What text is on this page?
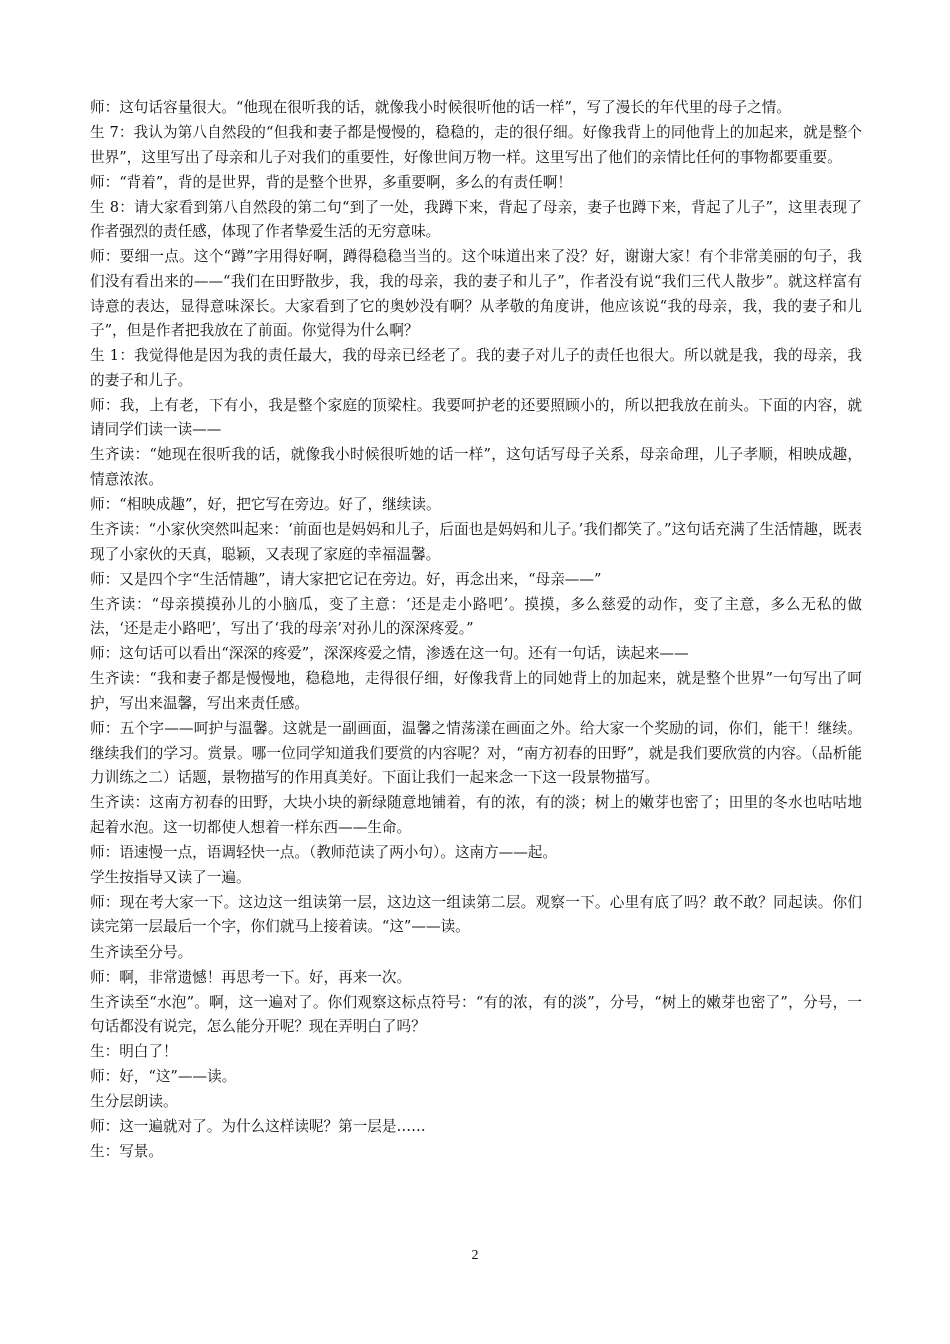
师：这句话容量很大。“他现在很听我的话，就像我小时候很听他的话一样”，写了漫长的年代里的母子之情。

生 7：我认为第八自然段的“但我和妻子都是慢慢的，稳稳的，走的很仔细。好像我背上的同他背上的加起来，就是整个世界”，这里写出了母亲和儿子对我们的重要性，好像世间万物一样。这里写出了他们的亲情比任何的事物都要重要。

师：“背着”，背的是世界，背的是整个世界，多重要啊，多么的有责任啊！

生 8：请大家看到第八自然段的第二句“到了一处，我蹲下来，背起了母亲，妻子也蹲下来，背起了儿子”，这里表现了作者强烈的责任感，体现了作者挚爱生活的无穷意味。

师：要细一点。这个“蹲”字用得好啊，蹲得稳稳当当的。这个味道出来了没？好，谢谢大家！有个非常美丽的句子，我们没有看出来的——“我们在田野散步，我，我的母亲，我的妻子和儿子”，作者没有说“我们三代人散步”。就这样富有诗意的表达，显得意味深长。大家看到了它的奥妙没有啊？从孝敬的角度讲，他应该说“我的母亲，我，我的妻子和儿子”，但是作者把我放在了前面。你觉得为什么啊？

生 1：我觉得他是因为我的责任最大，我的母亲已经老了。我的妻子对儿子的责任也很大。所以就是我，我的母亲，我的妻子和儿子。

师：我，上有老，下有小，我是整个家庭的顶梁柱。我要呵护老的还要照顾小的，所以把我放在前头。下面的内容，就请同学们读一读——

生齐读：“她现在很听我的话，就像我小时候很听她的话一样”，这句话写母子关系，母亲命理，儿子孝顺，相映成趣，情意浓浓。

师：“相映成趣”，好，把它写在旁边。好了，继续读。

生齐读：“小家伙突然叫起来：‘前面也是妈妈和儿子，后面也是妈妈和儿子。’我们都笑了。”这句话充满了生活情趣，既表现了小家伙的天真，聪颖，又表现了家庭的幸福温馨。

师：又是四个字“生活情趣”，请大家把它记在旁边。好，再念出来，“母亲——”

生齐读：“母亲摸摸孙儿的小脑瓜，变了主意：‘还是走小路吧’。摸摸，多么慈爱的动作，变了主意，多么无私的做法，‘还是走小路吧’，写出了‘我的母亲’对孙儿的深深疼爱。”

师：这句话可以看出“深深的疼爱”，深深疼爱之情，渗透在这一句。还有一句话，读起来——

生齐读：“我和妻子都是慢慢地，稳稳地，走得很仔细，好像我背上的同她背上的加起来，就是整个世界”一句写出了呵护，写出来温馨，写出来责任感。

师：五个字——呵护与温馨。这就是一副画面，温馨之情荡漾在画面之外。给大家一个奖励的词，你们，能干！继续。继续我们的学习。赏景。哪一位同学知道我们要赏的内容呢？对，“南方初春的田野”，就是我们要欣赏的内容。（品析能力训练之二）话题，景物描写的作用真美好。下面让我们一起来念一下这一段景物描写。

生齐读：这南方初春的田野，大块小块的新绿随意地铺着，有的浓，有的淡；树上的嫩芽也密了；田里的冬水也咕咕地起着水泡。这一切都使人想着一样东西——生命。

师：语速慢一点，语调轻快一点。（教师范读了两小句）。这南方——起。

学生按指导又读了一遍。

师：现在考大家一下。这边这一组读第一层，这边这一组读第二层。观察一下。心里有底了吗？敢不敢？同起读。你们读完第一层最后一个字，你们就马上接着读。“这”——读。

生齐读至分号。

师：啊，非常遗憾！再思考一下。好，再来一次。

生齐读至“水泡”。啊，这一遍对了。你们观察这标点符号：“有的浓，有的淡”，分号，“树上的嫩芽也密了”，分号，一句话都没有说完，怎么能分开呢？现在弄明白了吗？

生：明白了！

师：好，“这”——读。

生分层朗读。

师：这一遍就对了。为什么这样读呢？第一层是……

生：写景。

2
